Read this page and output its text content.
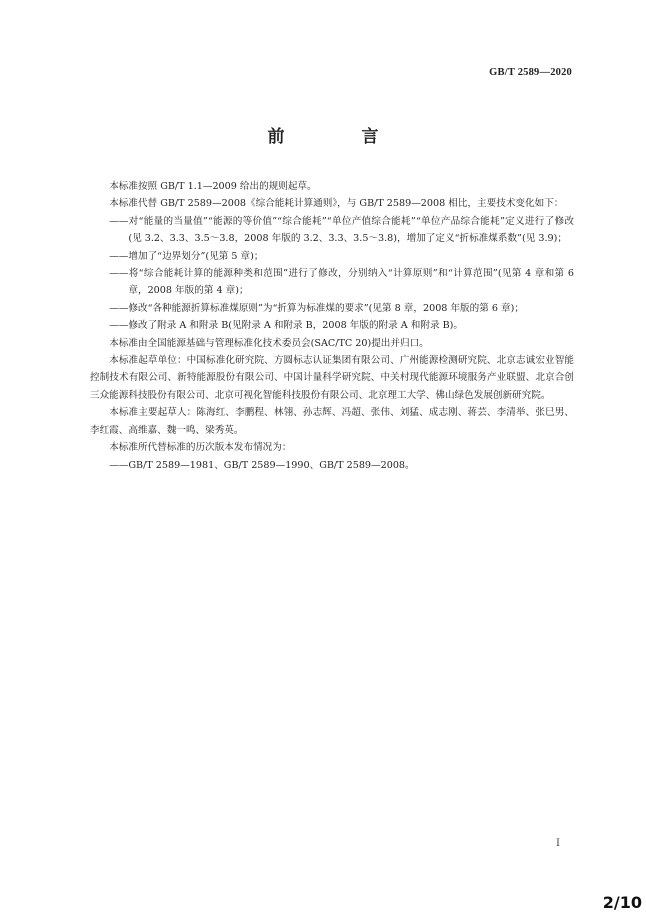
GB/T 2589—2020
前　言

本标准按照 GB/T 1.1—2009 给出的规则起草。

本标准代替 GB/T 2589—2008《综合能耗计算通则》，与 GB/T 2589—2008 相比，主要技术变化如下：

——对“能量的当量值”“能源的等价值”“综合能耗”“单位产值综合能耗”“单位产品综合能耗”定义进行了修改(见 3.2、3.3、3.5～3.8，2008 年版的 3.2、3.3、3.5～3.8)，增加了定义“折标准煤系数”(见 3.9)；

——增加了“边界划分”(见第 5 章)；

——将“综合能耗计算的能源种类和范围”进行了修改，分别纳入“计算原则”和“计算范围”(见第 4 章和第 6 章，2008 年版的第 4 章)；

——修改“各种能源折算标准煤原则”为“折算为标准煤的要求”(见第 8 章，2008 年版的第 6 章)；

——修改了附录 A 和附录 B(见附录 A 和附录 B，2008 年版的附录 A 和附录 B)。

本标准由全国能源基础与管理标准化技术委员会(SAC/TC 20)提出并归口。

本标准起草单位：中国标准化研究院、方圆标志认证集团有限公司、广州能源检测研究院、北京志诚宏业智能控制技术有限公司、新特能源股份有限公司、中国计量科学研究院、中关村现代能源环境服务产业联盟、北京合创三众能源科技股份有限公司、北京可视化智能科技股份有限公司、北京理工大学、佛山绿色发展创新研究院。

本标准主要起草人：陈海红、李鹏程、林翎、孙志辉、冯超、张伟、刘猛、成志刚、蒋芸、李清举、张巳男、李红霞、高维嘉、魏一鸣、梁秀英。

本标准所代替标准的历次版本发布情况为：

——GB/T 2589—1981、GB/T 2589—1990、GB/T 2589—2008。

I
2/10
